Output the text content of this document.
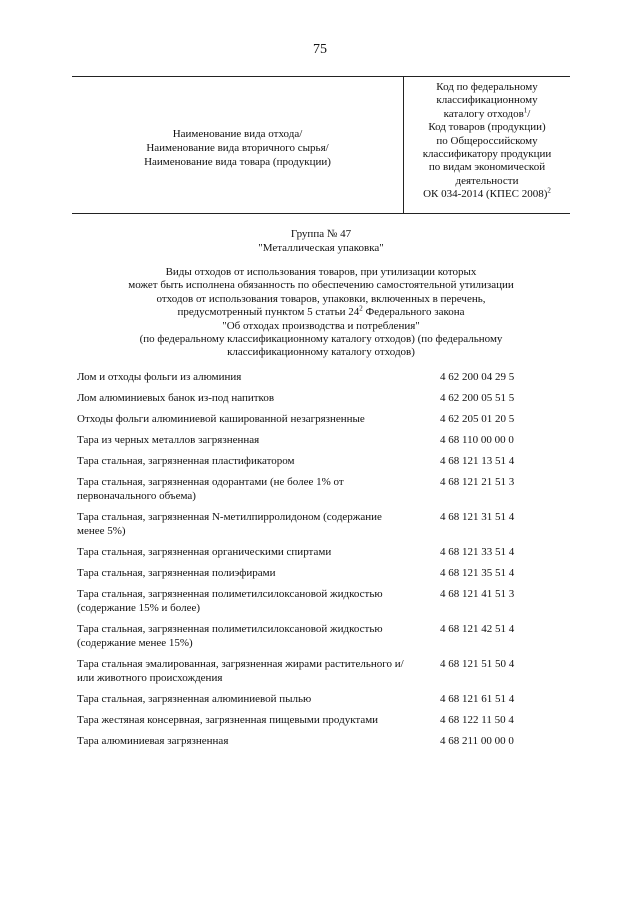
75
Наименование вида отхода/
Наименование вида вторичного сырья/
Наименование вида товара (продукции)
Код по федеральному
классификационному
каталогу отходов$^1$/
Код товаров (продукции)
по Общероссийскому
классификатору продукции
по видам экономической
деятельности
ОК 034-2014 (КПЕС 2008)$^2$
Группа № 47
"Металлическая упаковка"
Виды отходов от использования товаров, при утилизации которых
может быть исполнена обязанность по обеспечению самостоятельной утилизации
отходов от использования товаров, упаковки, включенных в перечень,
предусмотренный пунктом 5 статьи $24^2$ Федерального закона
"Об отходах производства и потребления"
(по федеральному классификационному каталогу отходов) (по федеральному
классификационному каталогу отходов)
Лом и отходы фольги из алюминия	4 62 200 04 29 5
Лом алюминиевых банок из-под напитков	4 62 200 05 51 5
Отходы фольги алюминиевой кашированной незагрязненные	4 62 205 01 20 5
Тара из черных металлов загрязненная	4 68 110 00 00 0
Тара стальная, загрязненная пластификатором	4 68 121 13 51 4
Тара стальная, загрязненная одорантами (не более 1% от первоначального объема)
4 68 121 21 51 3
Тара стальная, загрязненная N-метилпирролидоном (содержание менее 5%)
4 68 121 31 51 4
Тара стальная, загрязненная органическими спиртами	4 68 121 33 51 4
Тара стальная, загрязненная полиэфирами	4 68 121 35 51 4
Тара стальная, загрязненная полиметилсилоксановой жидкостью (содержание 15% и более)
4 68 121 41 51 3
Тара стальная, загрязненная полиметилсилоксановой жидкостью (содержание менее 15%)
4 68 121 42 51 4
Тара стальная эмалированная, загрязненная жирами растительного и/или животного происхождения
4 68 121 51 50 4
Тара стальная, загрязненная алюминиевой пылью	4 68 121 61 51 4
Тара жестяная консервная, загрязненная пищевыми продуктами	4 68 122 11 50 4
Тара алюминиевая загрязненная	4 68 211 00 00 0
